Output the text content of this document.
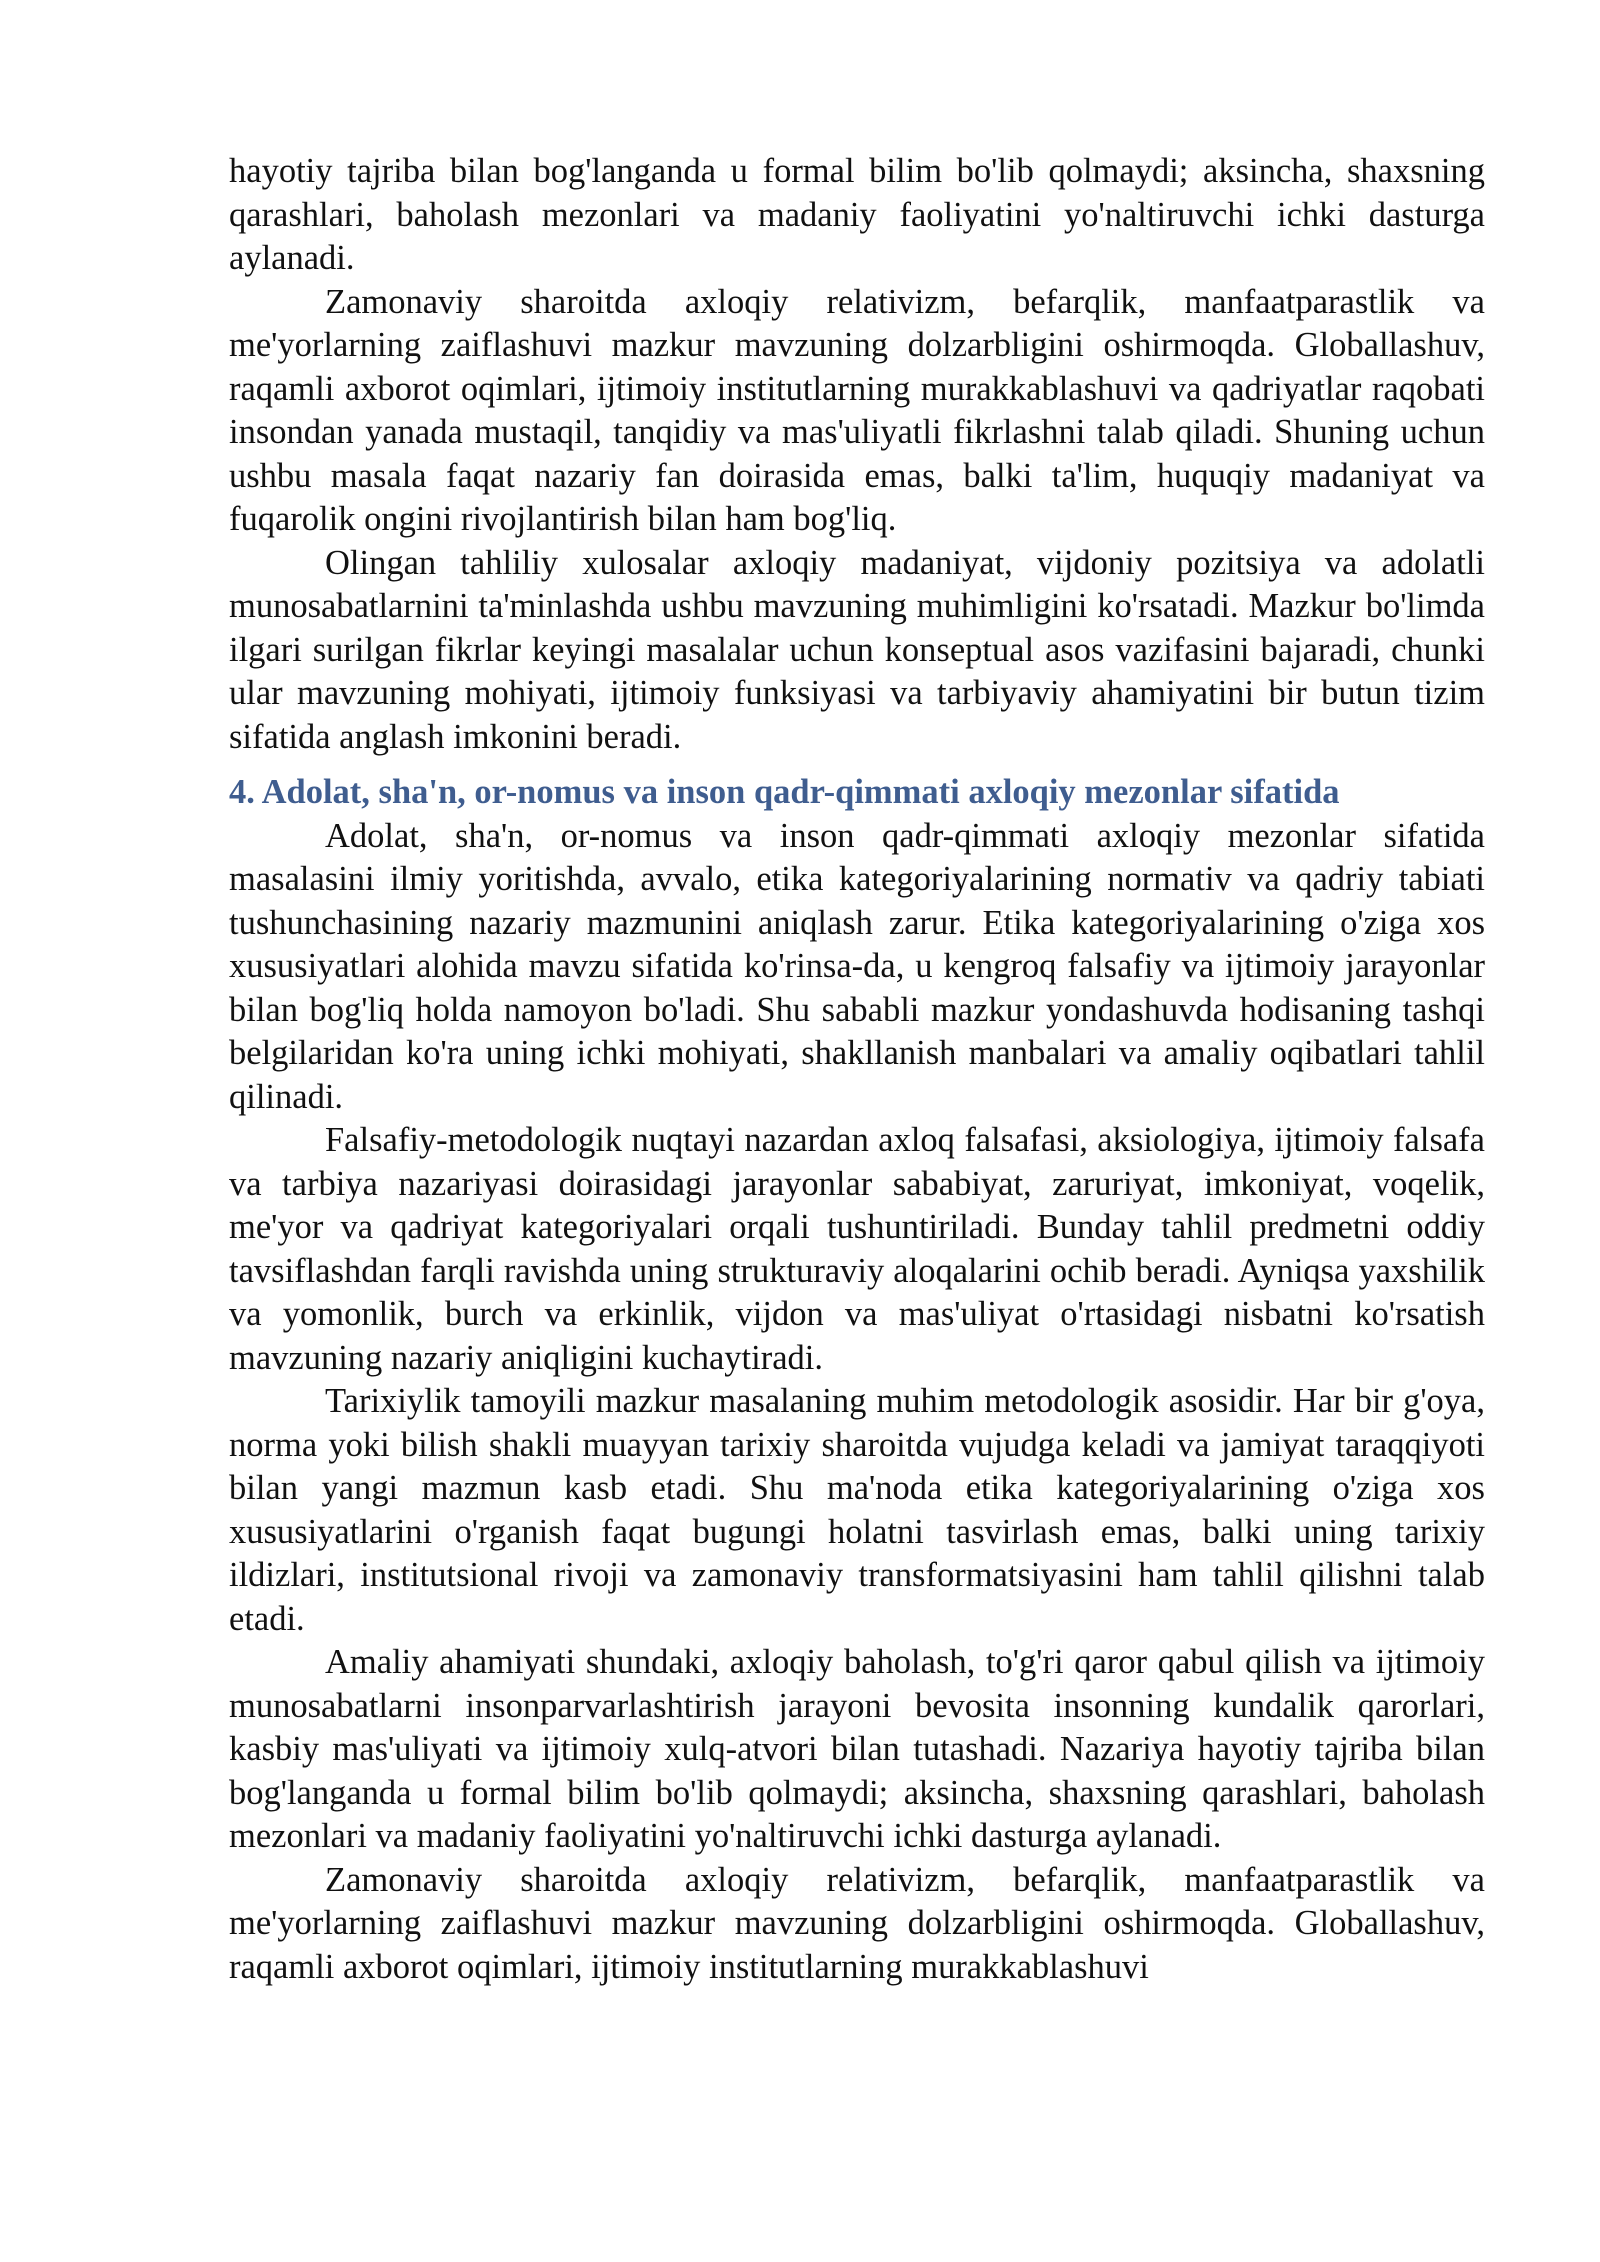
hayotiy tajriba bilan bog'langanda u formal bilim bo'lib qolmaydi; aksincha, shaxsning qarashlari, baholash mezonlari va madaniy faoliyatini yo'naltiruvchi ichki dasturga aylanadi.

Zamonaviy sharoitda axloqiy relativizm, befarqlik, manfaatparastlik va me'yorlarning zaiflashuvi mazkur mavzuning dolzarbligini oshirmoqda. Globallashuv, raqamli axborot oqimlari, ijtimoiy institutlarning murakkablashuvi va qadriyatlar raqobati insondan yanada mustaqil, tanqidiy va mas'uliyatli fikrlashni talab qiladi. Shuning uchun ushbu masala faqat nazariy fan doirasida emas, balki ta'lim, huquqiy madaniyat va fuqarolik ongini rivojlantirish bilan ham bog'liq.

Olingan tahliliy xulosalar axloqiy madaniyat, vijdoniy pozitsiya va adolatli munosabatlarnini ta'minlashda ushbu mavzuning muhimligini ko'rsatadi. Mazkur bo'limda ilgari surilgan fikrlar keyingi masalalar uchun konseptual asos vazifasini bajaradi, chunki ular mavzuning mohiyati, ijtimoiy funksiyasi va tarbiyaviy ahamiyatini bir butun tizim sifatida anglash imkonini beradi.

4. Adolat, sha'n, or-nomus va inson qadr-qimmati axloqiy mezonlar sifatida

Adolat, sha'n, or-nomus va inson qadr-qimmati axloqiy mezonlar sifatida masalasini ilmiy yoritishda, avvalo, etika kategoriyalarining normativ va qadriy tabiati tushunchasining nazariy mazmunini aniqlash zarur. Etika kategoriyalarining o'ziga xos xususiyatlari alohida mavzu sifatida ko'rinsa-da, u kengroq falsafiy va ijtimoiy jarayonlar bilan bog'liq holda namoyon bo'ladi. Shu sababli mazkur yondashuvda hodisaning tashqi belgilaridan ko'ra uning ichki mohiyati, shakllanish manbalari va amaliy oqibatlari tahlil qilinadi.

Falsafiy-metodologik nuqtayi nazardan axloq falsafasi, aksiologiya, ijtimoiy falsafa va tarbiya nazariyasi doirasidagi jarayonlar sababiyat, zaruriyat, imkoniyat, voqelik, me'yor va qadriyat kategoriyalari orqali tushuntiriladi. Bunday tahlil predmetni oddiy tavsiflashdan farqli ravishda uning strukturaviy aloqalarini ochib beradi. Ayniqsa yaxshilik va yomonlik, burch va erkinlik, vijdon va mas'uliyat o'rtasidagi nisbatni ko'rsatish mavzuning nazariy aniqligini kuchaytiradi.

Tarixiylik tamoyili mazkur masalaning muhim metodologik asosidir. Har bir g'oya, norma yoki bilish shakli muayyan tarixiy sharoitda vujudga keladi va jamiyat taraqqiyoti bilan yangi mazmun kasb etadi. Shu ma'noda etika kategoriyalarining o'ziga xos xususiyatlarini o'rganish faqat bugungi holatni tasvirlash emas, balki uning tarixiy ildizlari, institutsional rivoji va zamonaviy transformatsiyasini ham tahlil qilishni talab etadi.

Amaliy ahamiyati shundaki, axloqiy baholash, to'g'ri qaror qabul qilish va ijtimoiy munosabatlarni insonparvarlashtirish jarayoni bevosita insonning kundalik qarorlari, kasbiy mas'uliyati va ijtimoiy xulq-atvori bilan tutashadi. Nazariya hayotiy tajriba bilan bog'langanda u formal bilim bo'lib qolmaydi; aksincha, shaxsning qarashlari, baholash mezonlari va madaniy faoliyatini yo'naltiruvchi ichki dasturga aylanadi.

Zamonaviy sharoitda axloqiy relativizm, befarqlik, manfaatparastlik va me'yorlarning zaiflashuvi mazkur mavzuning dolzarbligini oshirmoqda. Globallashuv, raqamli axborot oqimlari, ijtimoiy institutlarning murakkablashuvi
